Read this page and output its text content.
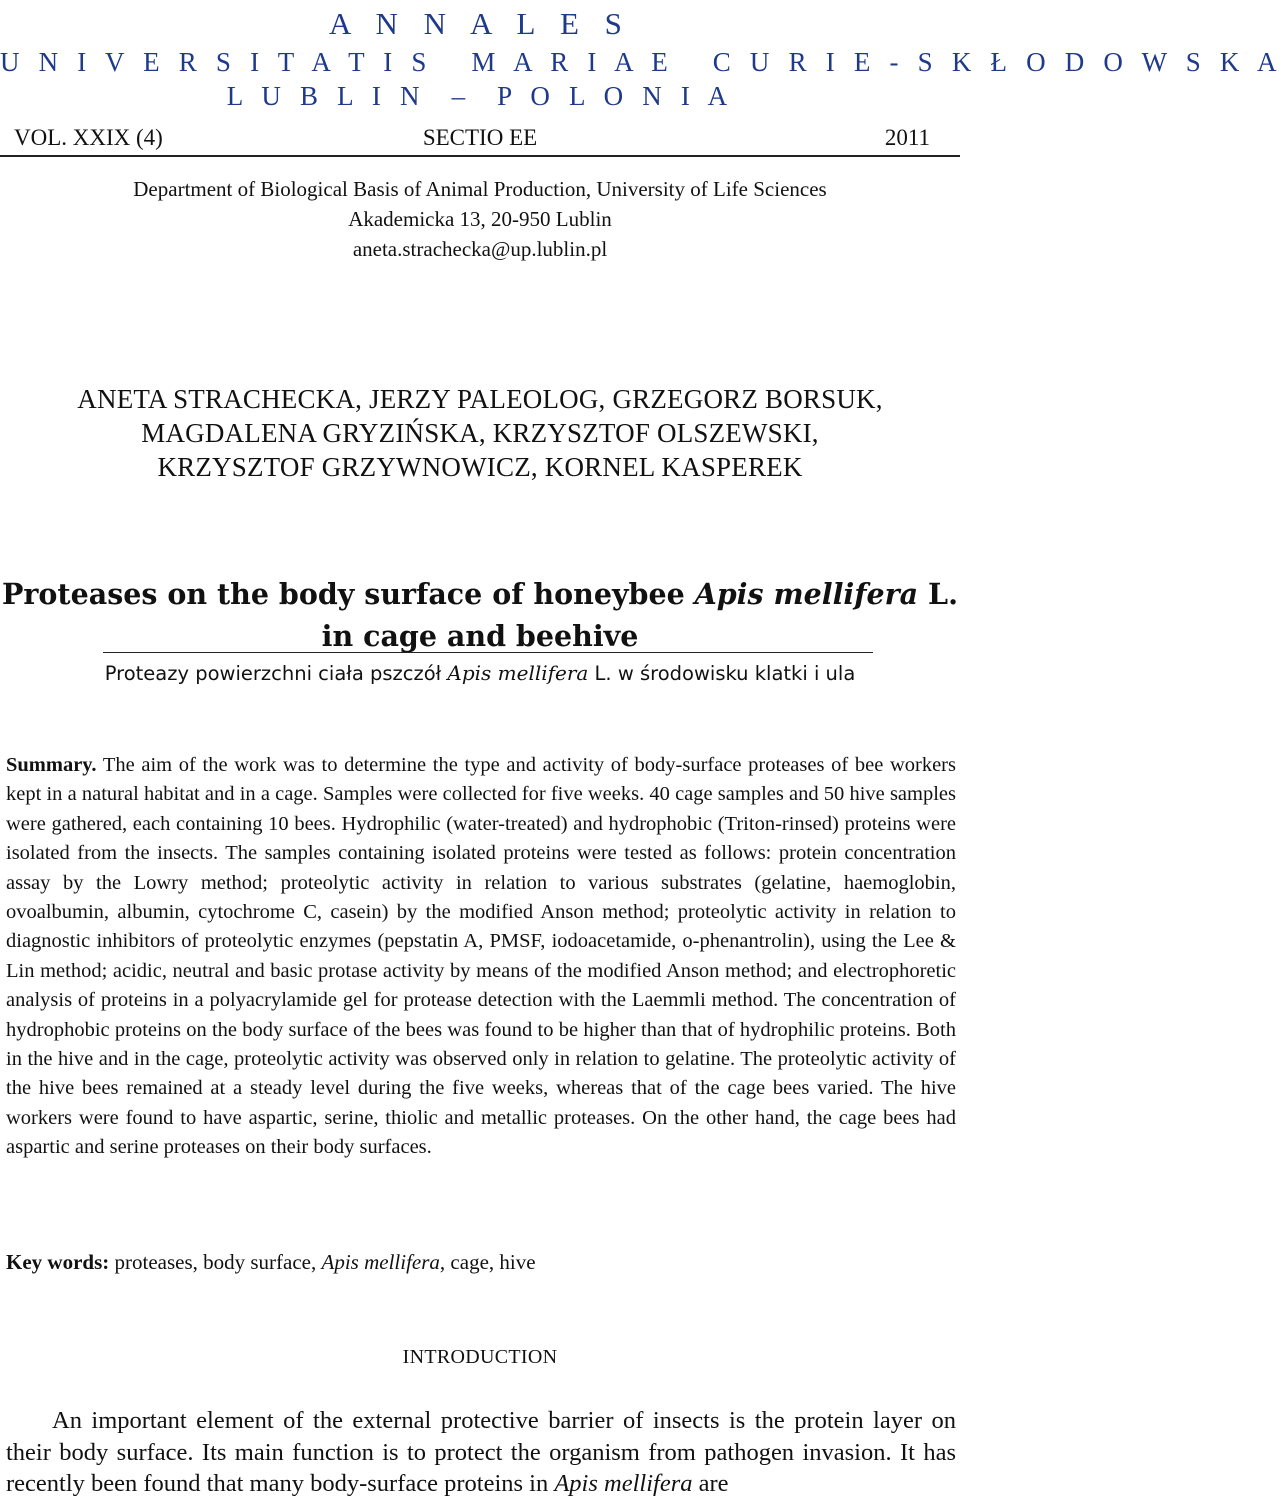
A N N A L E S
U N I V E R S I T A T I S   M A R I A E   C U R I E - S K Ł O D O W S K A
L U B L I N  –  P O L O N I A
VOL. XXIX (4)	SECTIO EE	2011
Department of Biological Basis of Animal Production, University of Life Sciences
Akademicka 13, 20-950 Lublin
aneta.strachecka@up.lublin.pl
ANETA STRACHECKA, JERZY PALEOLOG, GRZEGORZ BORSUK,
MAGDALENA GRYZIŃSKA, KRZYSZTOF OLSZEWSKI,
KRZYSZTOF GRZYWNOWICZ, KORNEL KASPEREK
Proteases on the body surface of honeybee Apis mellifera L.
in cage and beehive
Proteazy powierzchni ciała pszczół Apis mellifera L. w środowisku klatki i ula
Summary. The aim of the work was to determine the type and activity of body-surface proteases of bee workers kept in a natural habitat and in a cage. Samples were collected for five weeks. 40 cage samples and 50 hive samples were gathered, each containing 10 bees. Hydrophilic (water-treated) and hydrophobic (Triton-rinsed) proteins were isolated from the insects. The samples containing isolated proteins were tested as follows: protein concentration assay by the Lowry method; proteolytic activity in relation to various substrates (gelatine, haemoglobin, ovoalbumin, albumin, cytochrome C, casein) by the modified Anson method; proteolytic activity in relation to diagnostic inhibitors of proteolytic enzymes (pepstatin A, PMSF, iodoacetamide, o-phenantrolin), using the Lee & Lin method; acidic, neutral and basic protase activity by means of the modified Anson method; and electrophoretic analysis of proteins in a polyacrylamide gel for protease detection with the Laemmli method. The concentration of hydrophobic proteins on the body surface of the bees was found to be higher than that of hydrophilic proteins. Both in the hive and in the cage, proteolytic activity was observed only in relation to gelatine. The proteolytic activity of the hive bees remained at a steady level during the five weeks, whereas that of the cage bees varied. The hive workers were found to have aspartic, serine, thiolic and metallic proteases. On the other hand, the cage bees had aspartic and serine proteases on their body surfaces.
Key words: proteases, body surface, Apis mellifera, cage, hive
INTRODUCTION
An important element of the external protective barrier of insects is the protein layer on their body surface. Its main function is to protect the organism from pathogen invasion. It has recently been found that many body-surface proteins in Apis mellifera are
